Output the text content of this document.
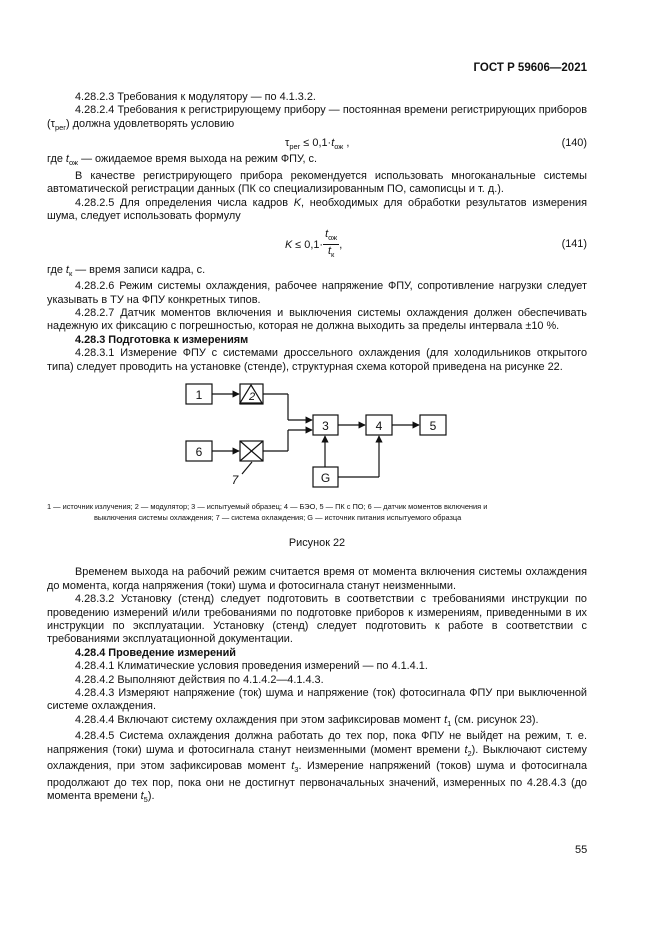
ГОСТ Р 59606—2021

4.28.2.3 Требования к модулятору — по 4.1.3.2.

4.28.2.4 Требования к регистрирующему прибору — постоянная времени регистрирующих приборов $(\tau_{рег})$ должна удовлетворять условию

$\tau_{рег} \le 0,1\cdot t_{ож}$ ,	(140)

где $t_{ож}$ — ожидаемое время выхода на режим ФПУ, с.

В качестве регистрирующего прибора рекомендуется использовать многоканальные системы автоматической регистрации данных (ПК со специализированным ПО, самописцы и т. д.).

4.28.2.5 Для определения числа кадров K, необходимых для обработки результатов измерения шума, следует использовать формулу

$K \le 0,1\cdot \frac{t_{ож}}{t_к}$ ,	(141)

где $t_к$ — время записи кадра, с.

4.28.2.6 Режим системы охлаждения, рабочее напряжение ФПУ, сопротивление нагрузки следует указывать в ТУ на ФПУ конкретных типов.

4.28.2.7 Датчик моментов включения и выключения системы охлаждения должен обеспечивать надежную их фиксацию с погрешностью, которая не должна выходить за пределы интервала ±10 %.

4.28.3 Подготовка к измерениям

4.28.3.1 Измерение ФПУ с системами дроссельного охлаждения (для холодильников открытого типа) следует проводить на установке (стенде), структурная схема которой приведена на рисунке 22.

1	2
3	4	5
6
G
7
1 — источник излучения; 2 — модулятор; 3 — испытуемый образец; 4 — БЭО, 5 — ПК с ПО; 6 — датчик моментов включения и
выключения системы охлаждения; 7 — система охлаждения; G — источник питания испытуемого образца
Рисунок 22

Временем выхода на рабочий режим считается время от момента включения системы охлаждения до момента, когда напряжения (токи) шума и фотосигнала станут неизменными.

4.28.3.2 Установку (стенд) следует подготовить в соответствии с требованиями инструкции по проведению измерений и/или требованиями по подготовке приборов к измерениям, приведенными в их инструкции по эксплуатации. Установку (стенд) следует подготовить к работе в соответствии с требованиями эксплуатационной документации.

4.28.4 Проведение измерений

4.28.4.1 Климатические условия проведения измерений — по 4.1.4.1.

4.28.4.2 Выполняют действия по 4.1.4.2—4.1.4.3.

4.28.4.3 Измеряют напряжение (ток) шума и напряжение (ток) фотосигнала ФПУ при выключенной системе охлаждения.

4.28.4.4 Включают систему охлаждения при этом зафиксировав момент $t_1$ (см. рисунок 23).

4.28.4.5 Система охлаждения должна работать до тех пор, пока ФПУ не выйдет на режим, т. е. напряжения (токи) шума и фотосигнала станут неизменными (момент времени $t_2$). Выключают систему охлаждения, при этом зафиксировав момент $t_3$. Измерение напряжений (токов) шума и фотосигнала продолжают до тех пор, пока они не достигнут первоначальных значений, измеренных по 4.28.4.3 (до момента времени $t_5$).

55
